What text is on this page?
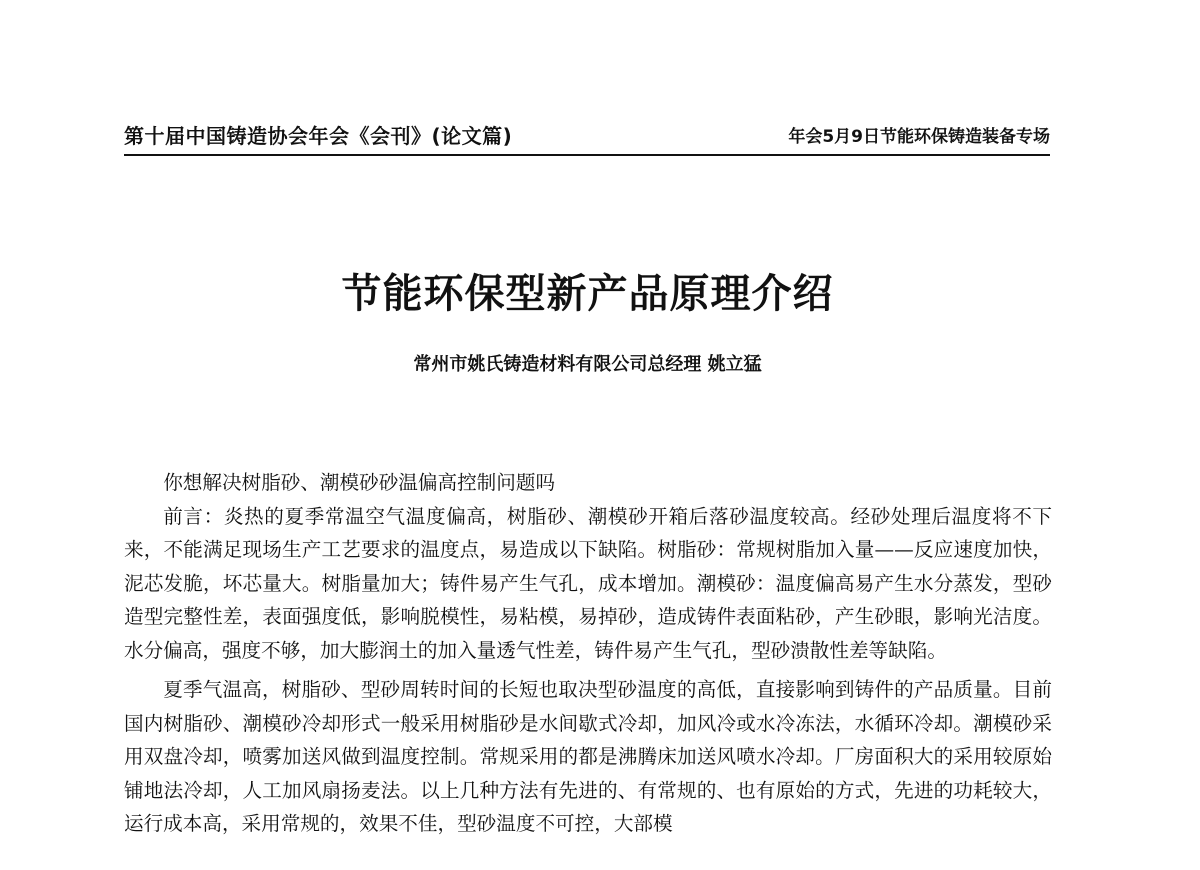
第十届中国铸造协会年会《会刊》(论文篇)	年会5月9日节能环保铸造装备专场
节能环保型新产品原理介绍
常州市姚氏铸造材料有限公司总经理 姚立猛

你想解决树脂砂、潮模砂砂温偏高控制问题吗

前言：炎热的夏季常温空气温度偏高，树脂砂、潮模砂开箱后落砂温度较高。经砂处理后温度将不下来，不能满足现场生产工艺要求的温度点，易造成以下缺陷。树脂砂：常规树脂加入量——反应速度加快，泥芯发脆，坏芯量大。树脂量加大；铸件易产生气孔，成本增加。潮模砂：温度偏高易产生水分蒸发，型砂造型完整性差，表面强度低，影响脱模性，易粘模，易掉砂，造成铸件表面粘砂，产生砂眼，影响光洁度。水分偏高，强度不够，加大膨润土的加入量透气性差，铸件易产生气孔，型砂溃散性差等缺陷。

夏季气温高，树脂砂、型砂周转时间的长短也取决型砂温度的高低，直接影响到铸件的产品质量。目前国内树脂砂、潮模砂冷却形式一般采用树脂砂是水间歇式冷却，加风冷或水冷冻法，水循环冷却。潮模砂采用双盘冷却，喷雾加送风做到温度控制。常规采用的都是沸腾床加送风喷水冷却。厂房面积大的采用较原始铺地法冷却，人工加风扇扬麦法。以上几种方法有先进的、有常规的、也有原始的方式，先进的功耗较大，运行成本高，采用常规的，效果不佳，型砂温度不可控，大部模
